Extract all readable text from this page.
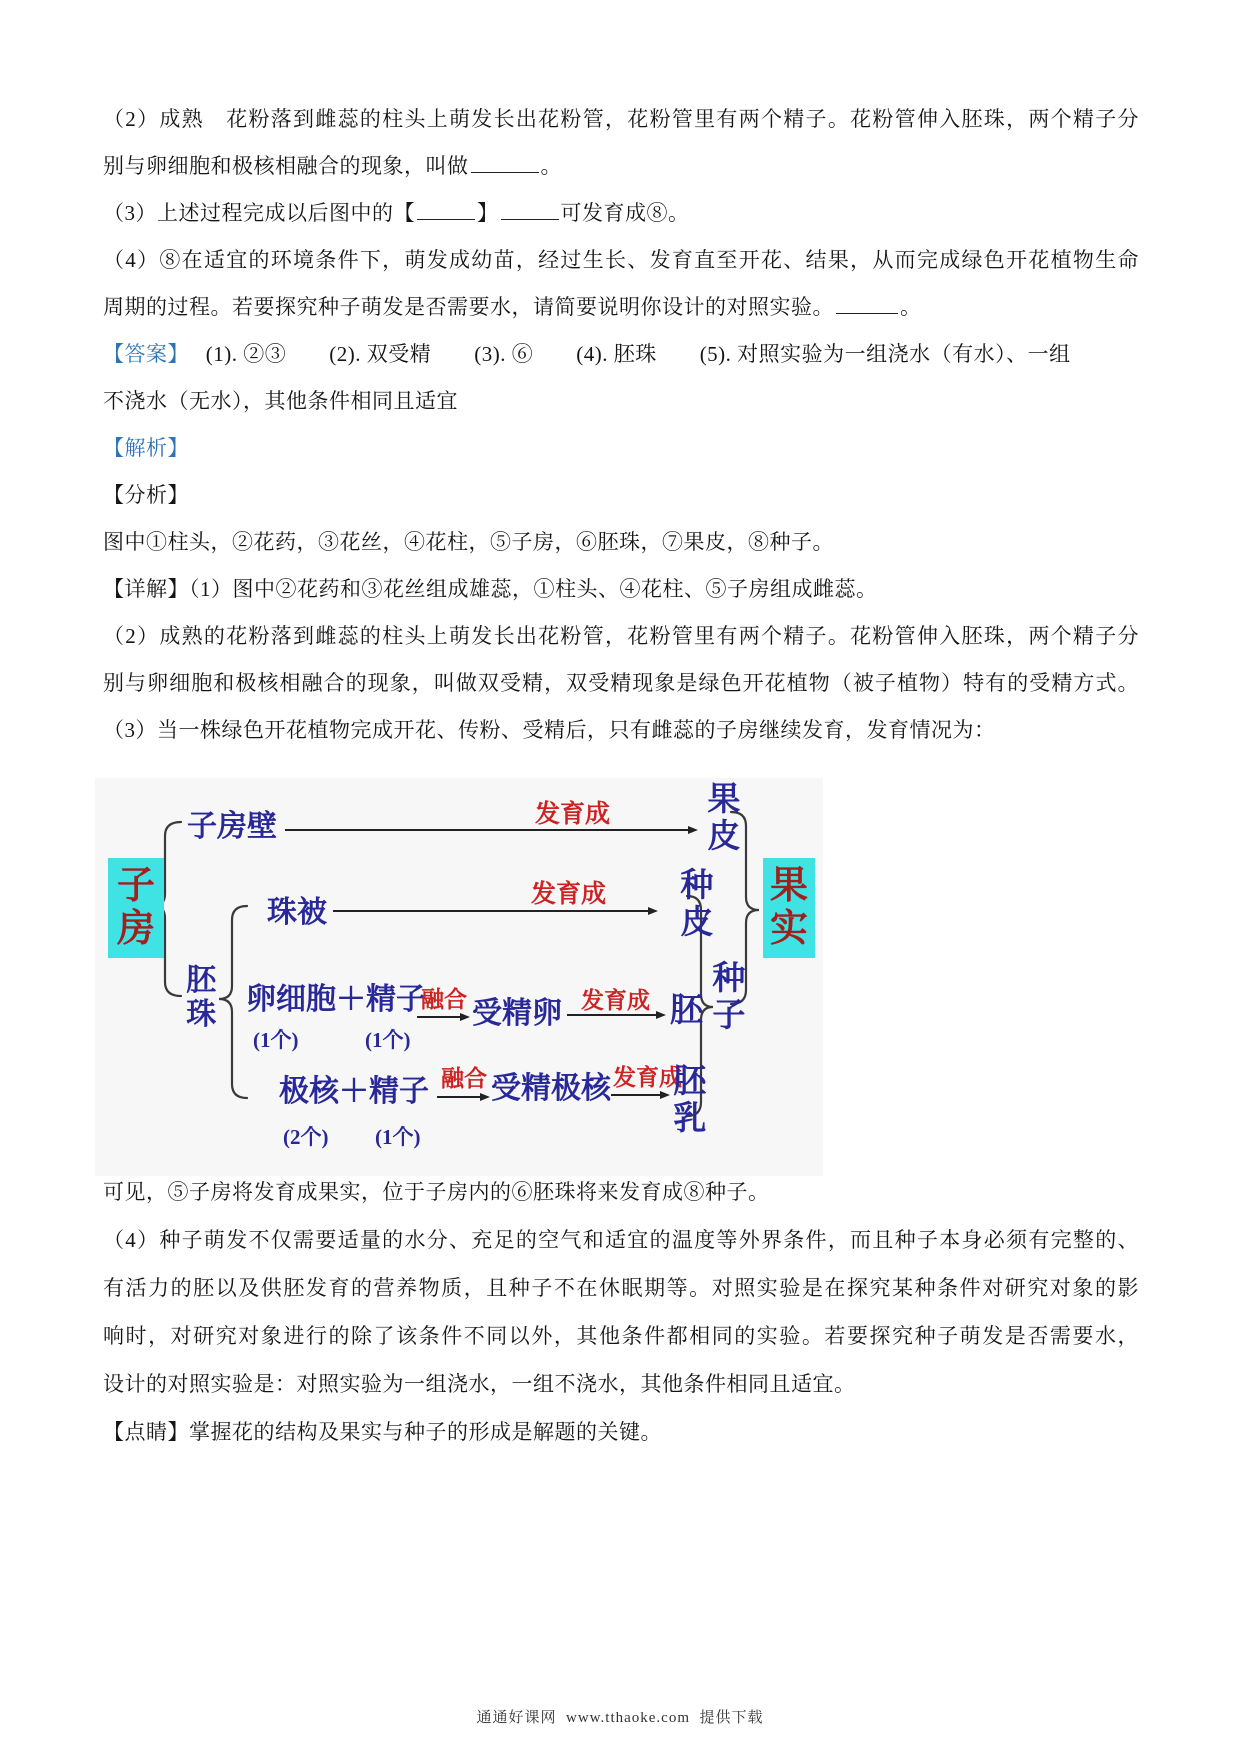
（2）成熟　花粉落到雌蕊的柱头上萌发长出花粉管，花粉管里有两个精子。花粉管伸入胚珠，两个精子分
别与卵细胞和极核相融合的现象，叫做	。
（3）上述过程完成以后图中的【	】	可发育成⑧。
（4）⑧在适宜的环境条件下，萌发成幼苗，经过生长、发育直至开花、结果，从而完成绿色开花植物生命
周期的过程。若要探究种子萌发是否需要水，请简要说明你设计的对照实验。	。
【答案】　 (1). ②③　　(2). 双受精　　(3). ⑥　　(4). 胚珠　　(5). 对照实验为一组浇水（有水）、一组
不浇水（无水），其他条件相同且适宜
【解析】
【分析】
图中①柱头，②花药，③花丝，④花柱，⑤子房，⑥胚珠，⑦果皮，⑧种子。
【详解】（1）图中②花药和③花丝组成雄蕊，①柱头、④花柱、⑤子房组成雌蕊。
（2）成熟的花粉落到雌蕊的柱头上萌发长出花粉管，花粉管里有两个精子。花粉管伸入胚珠，两个精子分
别与卵细胞和极核相融合的现象，叫做双受精，双受精现象是绿色开花植物（被子植物）特有的受精方式。
（3）当一株绿色开花植物完成开花、传粉、受精后，只有雌蕊的子房继续发育，发育情况为：
子房
果实
子房壁	发育成	果皮
珠被
发育成 种皮
胚珠 卵细胞＋精子
(1个)	(1个)
融合 受精卵 发育成 胚
极核＋精子
(2个) (1个)
融合 受精极核 发育成
胚乳
种子
可见，⑤子房将发育成果实，位于子房内的⑥胚珠将来发育成⑧种子。
（4）种子萌发不仅需要适量的水分、充足的空气和适宜的温度等外界条件，而且种子本身必须有完整的、
有活力的胚以及供胚发育的营养物质，且种子不在休眠期等。对照实验是在探究某种条件对研究对象的影
响时，对研究对象进行的除了该条件不同以外，其他条件都相同的实验。若要探究种子萌发是否需要水，
设计的对照实验是：对照实验为一组浇水，一组不浇水，其他条件相同且适宜。
【点睛】掌握花的结构及果实与种子的形成是解题的关键。
通通好课网  www.tthaoke.com  提供下载
